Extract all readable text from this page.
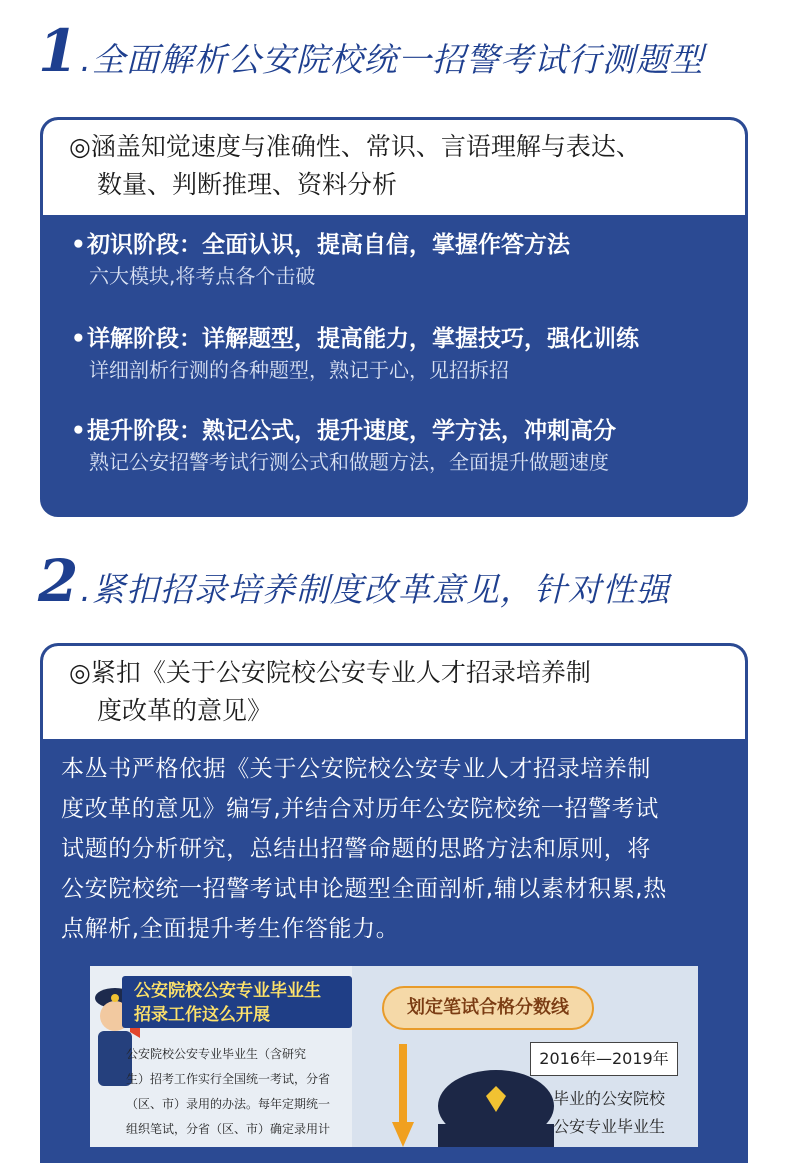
1 .全面解析公安院校统一招警考试行测题型
◎涵盖知觉速度与准确性、常识、言语理解与表达、
数量、判断推理、资料分析
• 初识阶段：全面认识，提高自信，掌握作答方法
六大模块,将考点各个击破
• 详解阶段：详解题型，提高能力，掌握技巧，强化训练
详细剖析行测的各种题型，熟记于心，见招拆招
• 提升阶段：熟记公式，提升速度，学方法，冲刺高分
熟记公安招警考试行测公式和做题方法，全面提升做题速度
2 .紧扣招录培养制度改革意见，针对性强
◎紧扣《关于公安院校公安专业人才招录培养制
度改革的意见》
本丛书严格依据《关于公安院校公安专业人才招录培养制
度改革的意见》编写,并结合对历年公安院校统一招警考试
试题的分析研究，总结出招警命题的思路方法和原则，将
公安院校统一招警考试申论题型全面剖析,辅以素材积累,热
点解析,全面提升考生作答能力。
公安院校公安专业毕业生
招录工作这么开展
公安院校公安专业毕业生（含研究
生）招考工作实行全国统一考试，分省
（区、市）录用的办法。每年定期统一
组织笔试，分省（区、市）确定录用计
划定笔试合格分数线
2016年—2019年
毕业的公安院校
公安专业毕业生
